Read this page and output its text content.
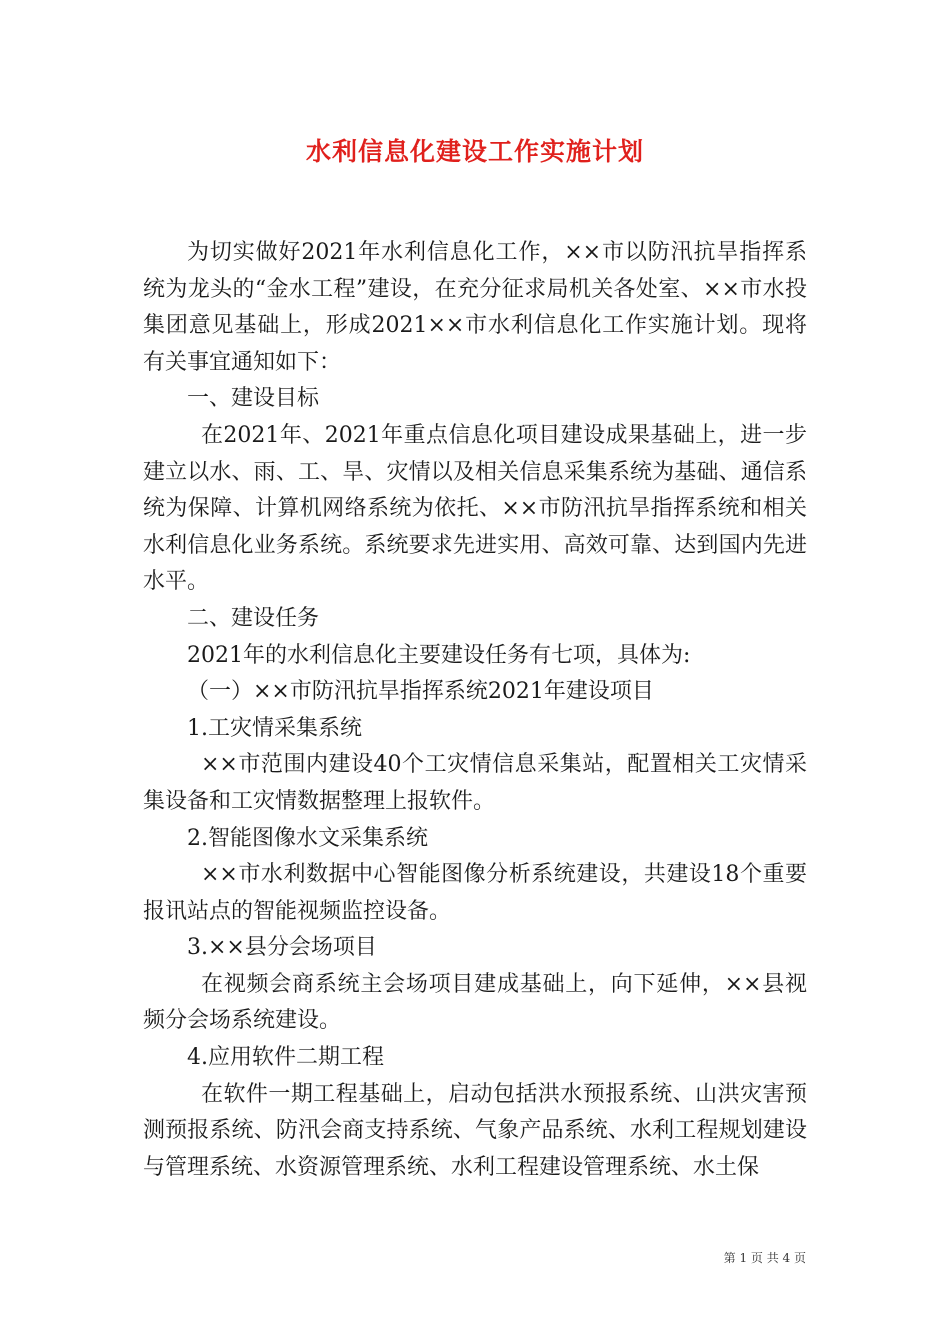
水利信息化建设工作实施计划

为切实做好2021年水利信息化工作，××市以防汛抗旱指挥系统为龙头的“金水工程”建设，在充分征求局机关各处室、××市水投集团意见基础上，形成2021××市水利信息化工作实施计划。现将有关事宜通知如下：

一、建设目标

在2021年、2021年重点信息化项目建设成果基础上，进一步建立以水、雨、工、旱、灾情以及相关信息采集系统为基础、通信系统为保障、计算机网络系统为依托、××市防汛抗旱指挥系统和相关水利信息化业务系统。系统要求先进实用、高效可靠、达到国内先进水平。

二、建设任务

2021年的水利信息化主要建设任务有七项，具体为:

（一）××市防汛抗旱指挥系统2021年建设项目

1.工灾情采集系统

××市范围内建设40个工灾情信息采集站，配置相关工灾情采集设备和工灾情数据整理上报软件。

2.智能图像水文采集系统

××市水利数据中心智能图像分析系统建设，共建设18个重要报讯站点的智能视频监控设备。

3.××县分会场项目

在视频会商系统主会场项目建成基础上，向下延伸，××县视频分会场系统建设。

4.应用软件二期工程

在软件一期工程基础上，启动包括洪水预报系统、山洪灾害预测预报系统、防汛会商支持系统、气象产品系统、水利工程规划建设与管理系统、水资源管理系统、水利工程建设管理系统、水土保

第 1 页 共 4 页
